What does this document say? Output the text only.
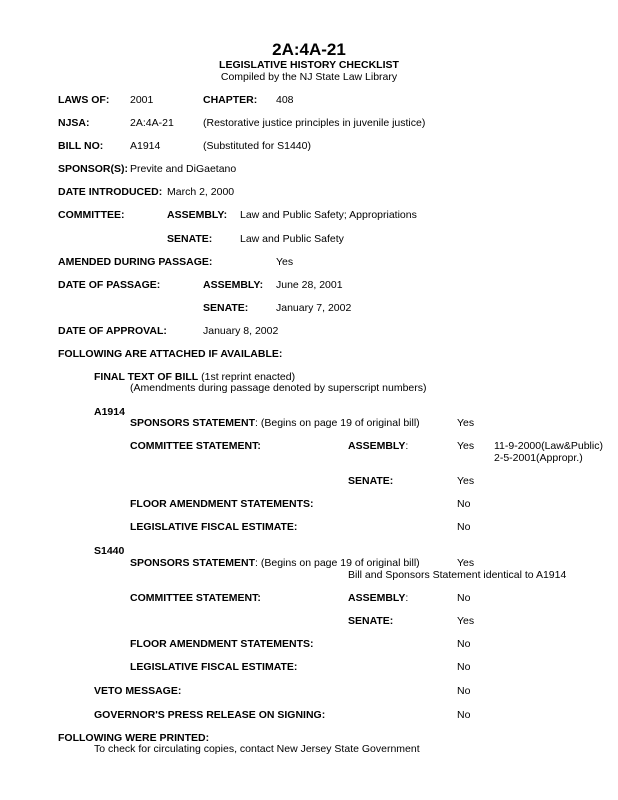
2A:4A-21
LEGISLATIVE HISTORY CHECKLIST
Compiled by the NJ State Law Library
LAWS OF: 2001	CHAPTER: 408
NJSA:	2A:4A-21	(Restorative justice principles in juvenile justice)
BILL NO:	A1914	(Substituted for S1440)
SPONSOR(S): Previte and DiGaetano
DATE INTRODUCED: March 2, 2000
COMMITTEE:	ASSEMBLY: Law and Public Safety; Appropriations
SENATE:	Law and Public Safety
AMENDED DURING PASSAGE:	Yes
DATE OF PASSAGE:	ASSEMBLY: June 28, 2001
SENATE:	January 7, 2002
DATE OF APPROVAL:	January 8, 2002
FOLLOWING ARE ATTACHED IF AVAILABLE:
FINAL TEXT OF BILL (1st reprint enacted)
(Amendments during passage denoted by superscript numbers)
A1914
SPONSORS STATEMENT: (Begins on page 19 of original bill)	Yes
COMMITTEE STATEMENT:	ASSEMBLY:	Yes 11-9-2000(Law&Public)
2-5-2001(Appropr.)
SENATE:	Yes
FLOOR AMENDMENT STATEMENTS:	No
LEGISLATIVE FISCAL ESTIMATE:	No
S1440
SPONSORS STATEMENT: (Begins on page 19 of original bill)	Yes
Bill and Sponsors Statement identical to A1914
COMMITTEE STATEMENT:	ASSEMBLY:	No
SENATE:	Yes
FLOOR AMENDMENT STATEMENTS:	No
LEGISLATIVE FISCAL ESTIMATE:	No
VETO MESSAGE:	No
GOVERNOR'S PRESS RELEASE ON SIGNING:	No
FOLLOWING WERE PRINTED:
To check for circulating copies, contact New Jersey State Government
